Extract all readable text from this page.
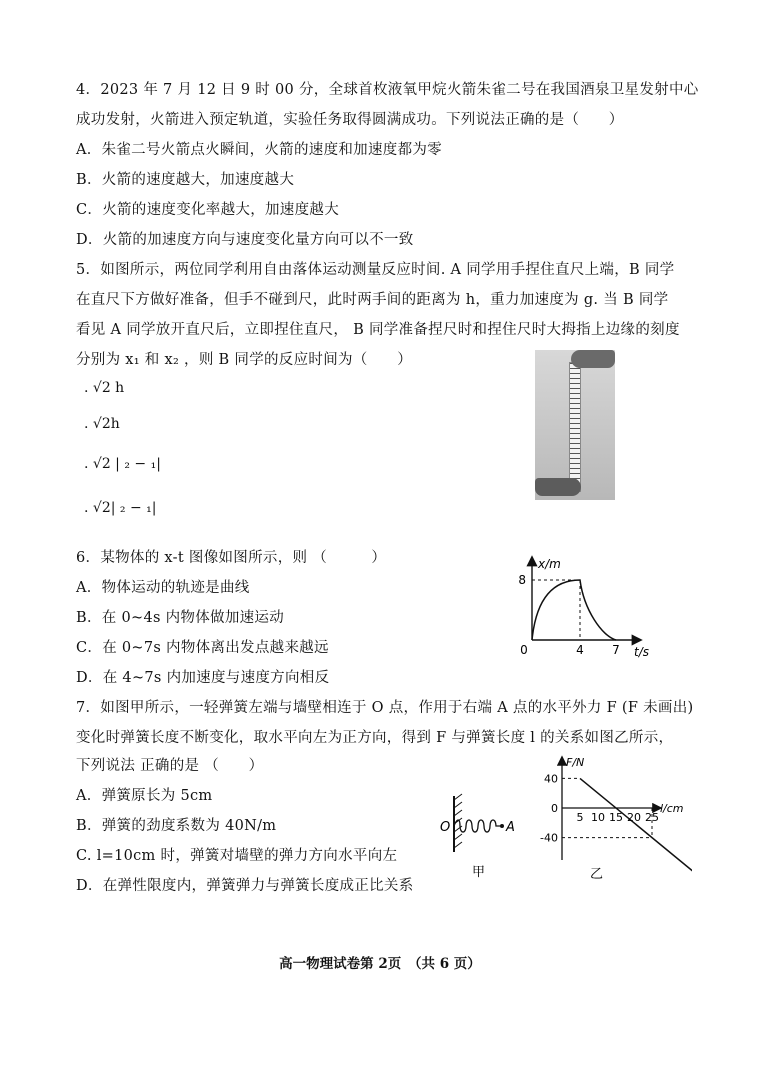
4．2023 年 7 月 12 日 9 时 00 分，全球首枚液氧甲烷火箭朱雀二号在我国酒泉卫星发射中心
成功发射，火箭进入预定轨道，实验任务取得圆满成功。下列说法正确的是（　　）
A．朱雀二号火箭点火瞬间，火箭的速度和加速度都为零
B．火箭的速度越大，加速度越大
C．火箭的速度变化率越大，加速度越大
D．火箭的加速度方向与速度变化量方向可以不一致
5．如图所示，两位同学利用自由落体运动测量反应时间. A 同学用手捏住直尺上端，B 同学
在直尺下方做好准备，但手不碰到尺，此时两手间的距离为 h，重力加速度为 g. 当 B 同学
看见 A 同学放开直尺后，立即捏住直尺， B 同学准备捏尺时和捏住尺时大拇指上边缘的刻度
分别为 x₁ 和 x₂ ，则 B 同学的反应时间为（　　）
. √2 h
. √2h
. √2 | ₂ − ₁|
. √2| ₂ − ₁|
6．某物体的 x-t 图像如图所示，则 （　　　）
A．物体运动的轨迹是曲线
B．在 0~4s 内物体做加速运动
C．在 0~7s 内物体离出发点越来越远
D．在 4~7s 内加速度与速度方向相反
x/m
t/s
8
0	4 7
7．如图甲所示，一轻弹簧左端与墙壁相连于 O 点，作用于右端 A 点的水平外力 F (F 未画出)
变化时弹簧长度不断变化，取水平向左为正方向，得到 F 与弹簧长度 l 的关系如图乙所示，
下列说法 正确的是 （　　）
A．弹簧原长为 5cm
B．弹簧的劲度系数为 40N/m
C. l=10cm 时，弹簧对墙壁的弹力方向水平向左
D．在弹性限度内，弹簧弹力与弹簧长度成正比关系
O	A
甲
F/N
l/cm
40
0
-40
5 10 15 20 25
乙
高一物理试卷第 2页　（共 6 页）
